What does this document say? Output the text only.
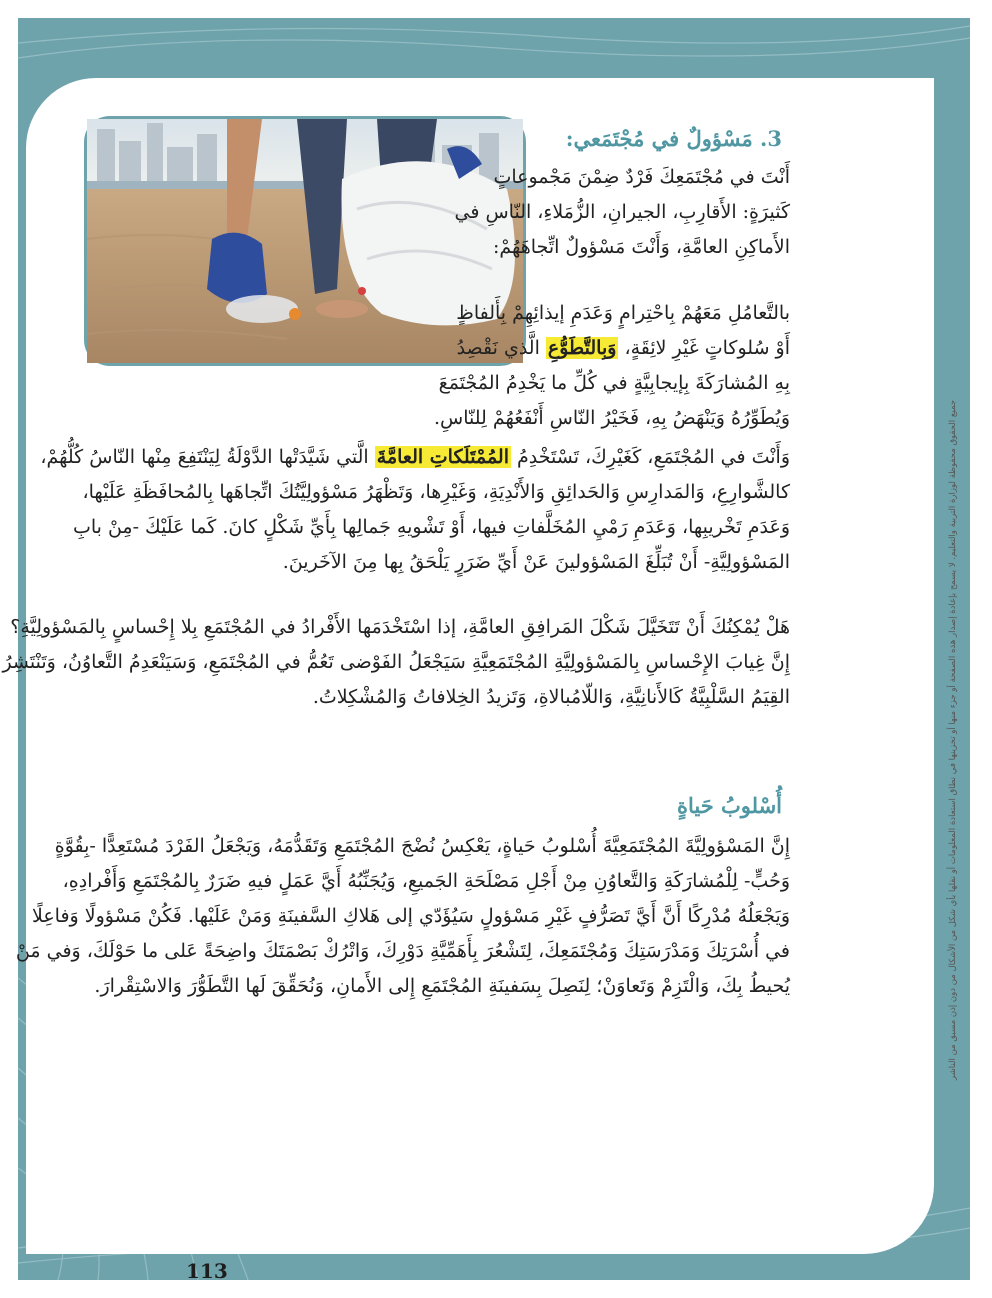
3. مَسْؤولٌ في مُجْتَمَعي:
أَنْتَ في مُجْتَمَعِكَ فَرْدٌ ضِمْنَ مَجْموعاتٍ
كَثيرَةٍ: الأَقارِبِ، الجيرانِ، الزُّمَلاءِ، النّاسِ في
الأَماكِنِ العامَّةِ، وَأَنْتَ مَسْؤولٌ اتِّجاهَهُمْ:
بالتَّعامُلِ مَعَهُمْ بِاحْتِرامٍ وَعَدَمِ إيذائِهِمْ بِأَلفاظٍ
أَوْ سُلوكاتٍ غَيْرِ لائِقَةٍ، وَبِالتَّطَوُّعِ الَّذي نَقْصِدُ
بِهِ المُشارَكَةَ بِإيجابِيَّةٍ في كُلِّ ما يَخْدِمُ المُجْتَمَعَ
وَيُطَوِّرُهُ وَيَنْهَضُ بِهِ، فَخَيْرُ النّاسِ أَنْفَعُهُمْ لِلنّاسِ.
وَأَنْتَ في المُجْتَمَعِ، كَغَيْرِكَ، تَسْتَخْدِمُ المُمْتَلَكاتِ العامَّةَ الَّتي شَيَّدَتْها الدَّوْلَةُ لِيَنْتَفِعَ مِنْها النّاسُ كُلُّهُمْ،
كالشَّوارِعِ، وَالمَدارِسِ وَالحَدائِقِ وَالأَنْدِيَةِ، وَغَيْرِها، وَتَظْهَرُ مَسْؤولِيَّتُكَ اتِّجاهَها بِالمُحافَظَةِ عَلَيْها،
وَعَدَمِ تَخْريبِها، وَعَدَمِ رَمْيِ المُخَلَّفاتِ فيها، أَوْ تَشْويهِ جَمالِها بِأَيِّ شَكْلٍ كانَ. كَما عَلَيْكَ -مِنْ بابِ
المَسْؤولِيَّةِ- أَنْ تُبَلِّغَ المَسْؤولينَ عَنْ أَيِّ ضَرَرٍ يَلْحَقُ بِها مِنَ الآخَرينَ.
هَلْ يُمْكِنُكَ أَنْ تَتَخَيَّلَ شَكْلَ المَرافِقِ العامَّةِ، إذا اسْتَخْدَمَها الأَفْرادُ في المُجْتَمَعِ بِلا إِحْساسٍ بِالمَسْؤولِيَّةِ؟
إِنَّ غِيابَ الإِحْساسِ بِالمَسْؤولِيَّةِ المُجْتَمَعِيَّةِ سَيَجْعَلُ الفَوْضى تَعُمُّ في المُجْتَمَعِ، وَسَيَنْعَدِمُ التَّعاوُنُ، وَتَنْتَشِرُ
القِيَمُ السَّلْبِيَّةُ كَالأَنانِيَّةِ، وَاللّامُبالاةِ، وَتَزيدُ الخِلافاتُ وَالمُشْكِلاتُ.
أُسْلوبُ حَياةٍ
إِنَّ المَسْؤولِيَّةَ المُجْتَمَعِيَّةَ أُسْلوبُ حَياةٍ، يَعْكِسُ نُضْجَ المُجْتَمَعِ وَتَقَدُّمَهُ، وَيَجْعَلُ الفَرْدَ مُسْتَعِدًّا -بِقُوَّةٍ
وَحُبٍّ- لِلْمُشارَكَةِ وَالتَّعاوُنِ مِنْ أَجْلِ مَصْلَحَةِ الجَميعِ، وَيُجَنِّبُهُ أَيَّ عَمَلٍ فيهِ ضَرَرٌ بِالمُجْتَمَعِ وَأَفْرادِهِ،
وَيَجْعَلُهُ مُدْرِكًا أَنَّ أَيَّ تَصَرُّفٍ غَيْرِ مَسْؤولٍ سَيُؤَدّي إلى هَلاكِ السَّفينَةِ وَمَنْ عَلَيْها. فَكُنْ مَسْؤولًا وَفاعِلًا
في أُسْرَتِكَ وَمَدْرَسَتِكَ وَمُجْتَمَعِكَ، لِتَشْعُرَ بِأَهَمِّيَّةِ دَوْرِكَ، وَاتْرُكْ بَصْمَتَكَ واضِحَةً عَلى ما حَوْلَكَ، وَفي مَنْ
يُحيطُ بِكَ، وَالْتَزِمْ وَتَعاوَنْ؛ لِنَصِلَ بِسَفينَةِ المُجْتَمَعِ إِلى الأَمانِ، وَنُحَقِّقَ لَها التَّطَوُّرَ وَالاسْتِقْرارَ.	جميع الحقوق محفوظة لوزارة التربية والتعليم. لا يسمح بإعادة إصدار هذه الصفحة أو جزء منها أو تخزينها في نطاق استعادة المعلومات أو نقلها بأي شكل من الأشكال من دون إذن مسبق من الناشر
113
